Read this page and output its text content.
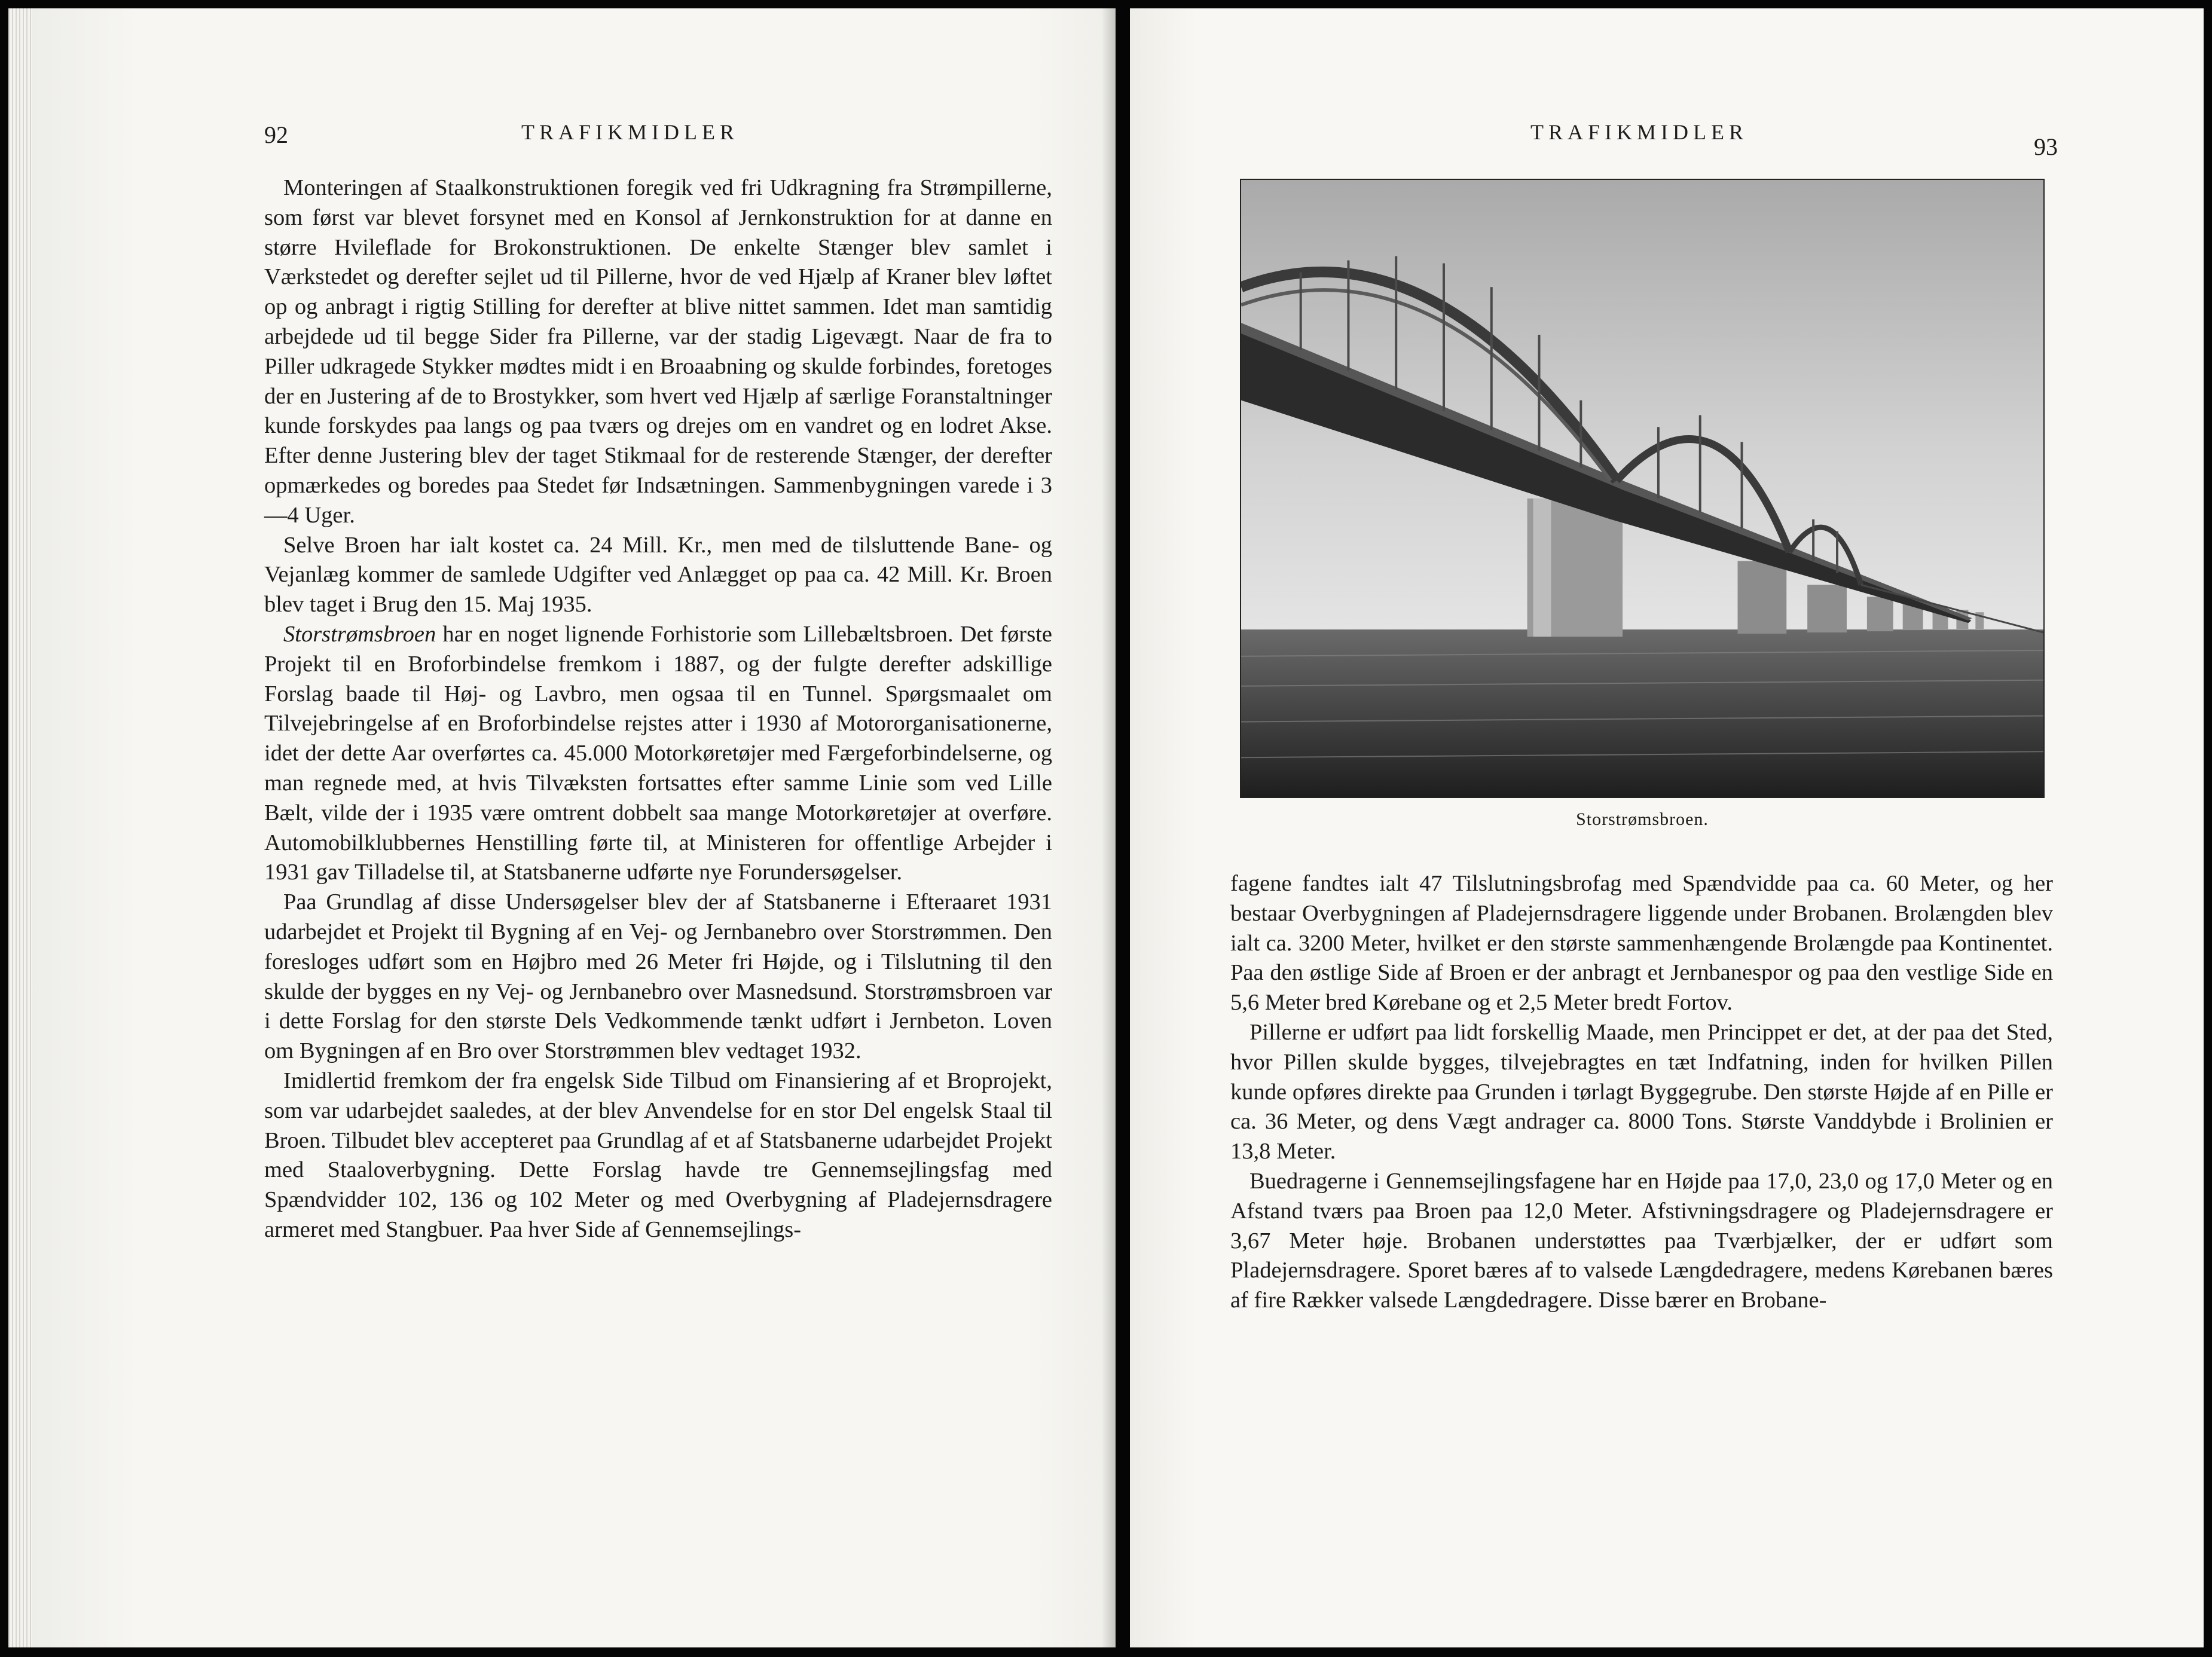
92	TRAFIKMIDLER

Monteringen af Staalkonstruktionen foregik ved fri Udkragning fra Strømpillerne, som først var blevet forsynet med en Konsol af Jernkonstruktion for at danne en større Hvileflade for Brokonstruktionen. De enkelte Stænger blev samlet i Værkstedet og derefter sejlet ud til Pillerne, hvor de ved Hjælp af Kraner blev løftet op og anbragt i rigtig Stilling for derefter at blive nittet sammen. Idet man samtidig arbejdede ud til begge Sider fra Pillerne, var der stadig Ligevægt. Naar de fra to Piller udkragede Stykker mødtes midt i en Broaabning og skulde forbindes, foretoges der en Justering af de to Brostykker, som hvert ved Hjælp af særlige Foranstaltninger kunde forskydes paa langs og paa tværs og drejes om en vandret og en lodret Akse. Efter denne Justering blev der taget Stikmaal for de resterende Stænger, der derefter opmærkedes og boredes paa Stedet før Indsætningen. Sammenbygningen varede i 3—4 Uger.

Selve Broen har ialt kostet ca. 24 Mill. Kr., men med de tilsluttende Bane- og Vejanlæg kommer de samlede Udgifter ved Anlægget op paa ca. 42 Mill. Kr. Broen blev taget i Brug den 15. Maj 1935.

Storstrømsbroen har en noget lignende Forhistorie som Lillebæltsbroen. Det første Projekt til en Broforbindelse fremkom i 1887, og der fulgte derefter adskillige Forslag baade til Høj- og Lavbro, men ogsaa til en Tunnel. Spørgsmaalet om Tilvejebringelse af en Broforbindelse rejstes atter i 1930 af Motororganisationerne, idet der dette Aar overførtes ca. 45.000 Motorkøretøjer med Færgeforbindelserne, og man regnede med, at hvis Tilvæksten fortsattes efter samme Linie som ved Lille Bælt, vilde der i 1935 være omtrent dobbelt saa mange Motorkøretøjer at overføre. Automobilklubbernes Henstilling førte til, at Ministeren for offentlige Arbejder i 1931 gav Tilladelse til, at Statsbanerne udførte nye Forundersøgelser.

Paa Grundlag af disse Undersøgelser blev der af Statsbanerne i Efteraaret 1931 udarbejdet et Projekt til Bygning af en Vej- og Jernbanebro over Storstrømmen. Den foresloges udført som en Højbro med 26 Meter fri Højde, og i Tilslutning til den skulde der bygges en ny Vej- og Jernbanebro over Masnedsund. Storstrømsbroen var i dette Forslag for den største Dels Vedkommende tænkt udført i Jernbeton. Loven om Bygningen af en Bro over Storstrømmen blev vedtaget 1932.

Imidlertid fremkom der fra engelsk Side Tilbud om Finansiering af et Broprojekt, som var udarbejdet saaledes, at der blev Anvendelse for en stor Del engelsk Staal til Broen. Tilbudet blev accepteret paa Grundlag af et af Statsbanerne udarbejdet Projekt med Staaloverbygning. Dette Forslag havde tre Gennemsejlingsfag med Spændvidder 102, 136 og 102 Meter og med Overbygning af Pladejernsdragere armeret med Stangbuer. Paa hver Side af Gennemsejlings-

TRAFIKMIDLER
93
Storstrømsbroen.

fagene fandtes ialt 47 Tilslutningsbrofag med Spændvidde paa ca. 60 Meter, og her bestaar Overbygningen af Pladejernsdragere liggende under Brobanen. Brolængden blev ialt ca. 3200 Meter, hvilket er den største sammenhængende Brolængde paa Kontinentet. Paa den østlige Side af Broen er der anbragt et Jernbanespor og paa den vestlige Side en 5,6 Meter bred Kørebane og et 2,5 Meter bredt Fortov.

Pillerne er udført paa lidt forskellig Maade, men Princippet er det, at der paa det Sted, hvor Pillen skulde bygges, tilvejebragtes en tæt Indfatning, inden for hvilken Pillen kunde opføres direkte paa Grunden i tørlagt Byggegrube. Den største Højde af en Pille er ca. 36 Meter, og dens Vægt andrager ca. 8000 Tons. Største Vanddybde i Brolinien er 13,8 Meter.

Buedragerne i Gennemsejlingsfagene har en Højde paa 17,0, 23,0 og 17,0 Meter og en Afstand tværs paa Broen paa 12,0 Meter. Afstivningsdragere og Pladejernsdragere er 3,67 Meter høje. Brobanen understøttes paa Tværbjælker, der er udført som Pladejernsdragere. Sporet bæres af to valsede Længdedragere, medens Kørebanen bæres af fire Rækker valsede Længdedragere. Disse bærer en Brobane-
